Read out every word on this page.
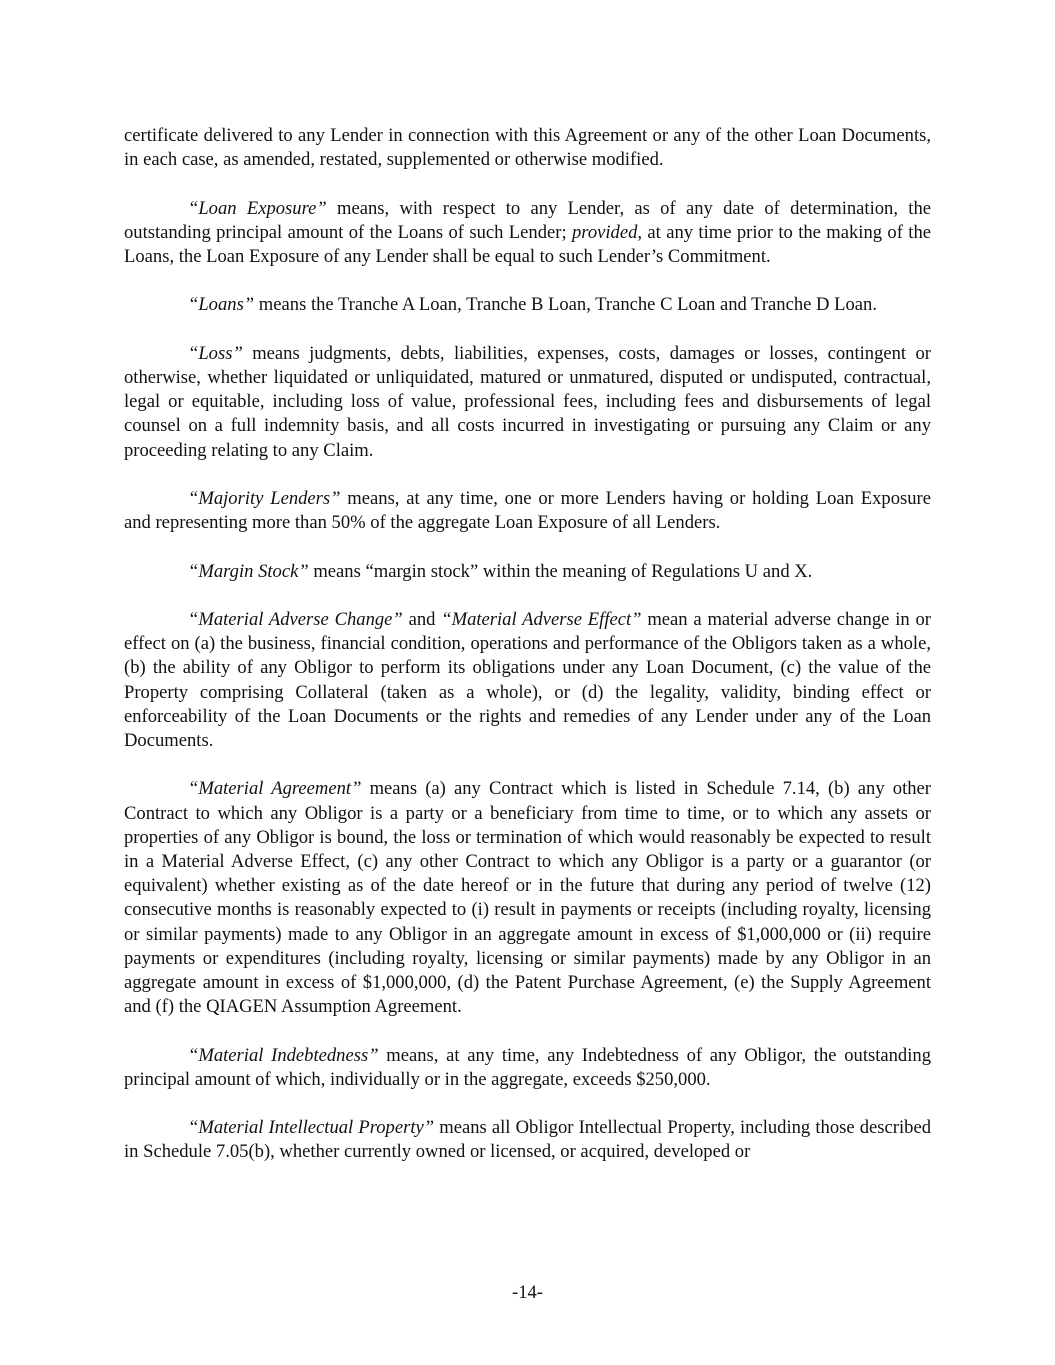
certificate delivered to any Lender in connection with this Agreement or any of the other Loan Documents, in each case, as amended, restated, supplemented or otherwise modified.

“Loan Exposure” means, with respect to any Lender, as of any date of determination, the outstanding principal amount of the Loans of such Lender; provided, at any time prior to the making of the Loans, the Loan Exposure of any Lender shall be equal to such Lender’s Commitment.

“Loans” means the Tranche A Loan, Tranche B Loan, Tranche C Loan and Tranche D Loan.

“Loss” means judgments, debts, liabilities, expenses, costs, damages or losses, contingent or otherwise, whether liquidated or unliquidated, matured or unmatured, disputed or undisputed, contractual, legal or equitable, including loss of value, professional fees, including fees and disbursements of legal counsel on a full indemnity basis, and all costs incurred in investigating or pursuing any Claim or any proceeding relating to any Claim.

“Majority Lenders” means, at any time, one or more Lenders having or holding Loan Exposure and representing more than 50% of the aggregate Loan Exposure of all Lenders.

“Margin Stock” means “margin stock” within the meaning of Regulations U and X.

“Material Adverse Change” and “Material Adverse Effect” mean a material adverse change in or effect on (a) the business, financial condition, operations and performance of the Obligors taken as a whole, (b) the ability of any Obligor to perform its obligations under any Loan Document, (c) the value of the Property comprising Collateral (taken as a whole), or (d) the legality, validity, binding effect or enforceability of the Loan Documents or the rights and remedies of any Lender under any of the Loan Documents.

“Material Agreement” means (a) any Contract which is listed in Schedule 7.14, (b) any other Contract to which any Obligor is a party or a beneficiary from time to time, or to which any assets or properties of any Obligor is bound, the loss or termination of which would reasonably be expected to result in a Material Adverse Effect, (c) any other Contract to which any Obligor is a party or a guarantor (or equivalent) whether existing as of the date hereof or in the future that during any period of twelve (12) consecutive months is reasonably expected to (i) result in payments or receipts (including royalty, licensing or similar payments) made to any Obligor in an aggregate amount in excess of $1,000,000 or (ii) require payments or expenditures (including royalty, licensing or similar payments) made by any Obligor in an aggregate amount in excess of $1,000,000, (d) the Patent Purchase Agreement, (e) the Supply Agreement and (f) the QIAGEN Assumption Agreement.

“Material Indebtedness” means, at any time, any Indebtedness of any Obligor, the outstanding principal amount of which, individually or in the aggregate, exceeds $250,000.

“Material Intellectual Property” means all Obligor Intellectual Property, including those described in Schedule 7.05(b), whether currently owned or licensed, or acquired, developed or

-14-
